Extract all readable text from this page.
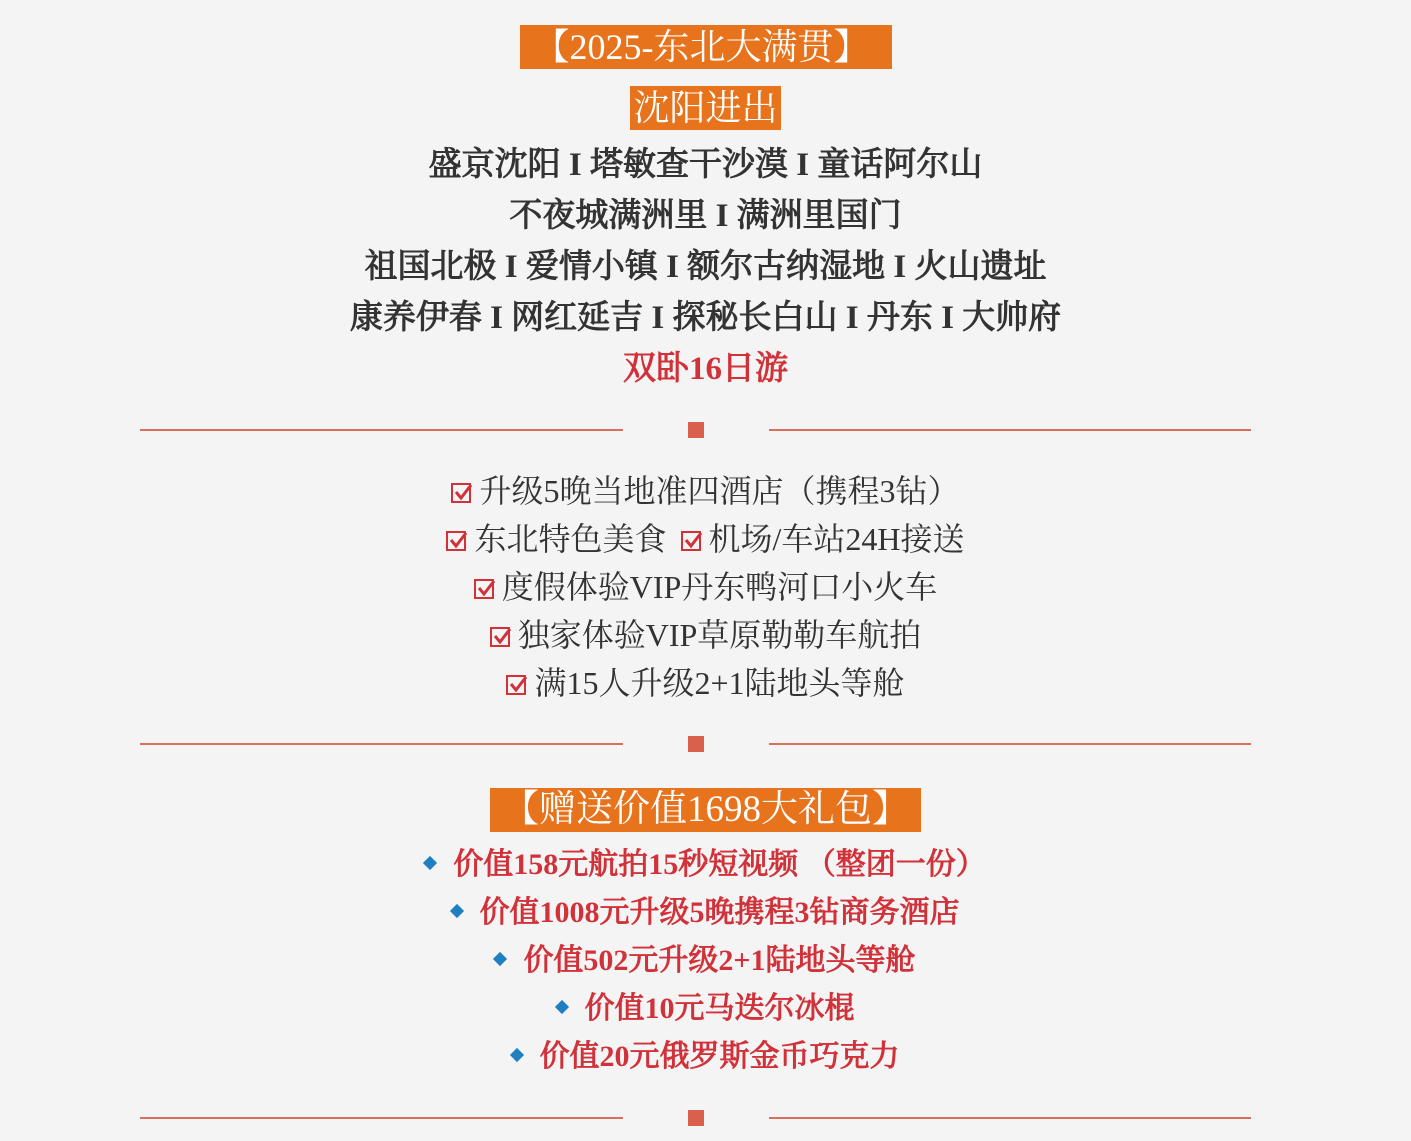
【2025-东北大满贯】
沈阳进出
盛京沈阳 I 塔敏查干沙漠 I 童话阿尔山
不夜城满洲里 I 满洲里国门
祖国北极 I 爱情小镇 I 额尔古纳湿地 I 火山遗址
康养伊春 I 网红延吉 I 探秘长白山 I 丹东 I 大帅府
双卧16日游
升级5晚当地准四酒店（携程3钻）
东北特色美食 机场/车站24H接送
度假体验VIP丹东鸭河口小火车
独家体验VIP草原勒勒车航拍
满15人升级2+1陆地头等舱
【赠送价值1698大礼包】
价值158元航拍15秒短视频 （整团一份）
价值1008元升级5晚携程3钻商务酒店
价值502元升级2+1陆地头等舱
价值10元马迭尔冰棍
价值20元俄罗斯金币巧克力
